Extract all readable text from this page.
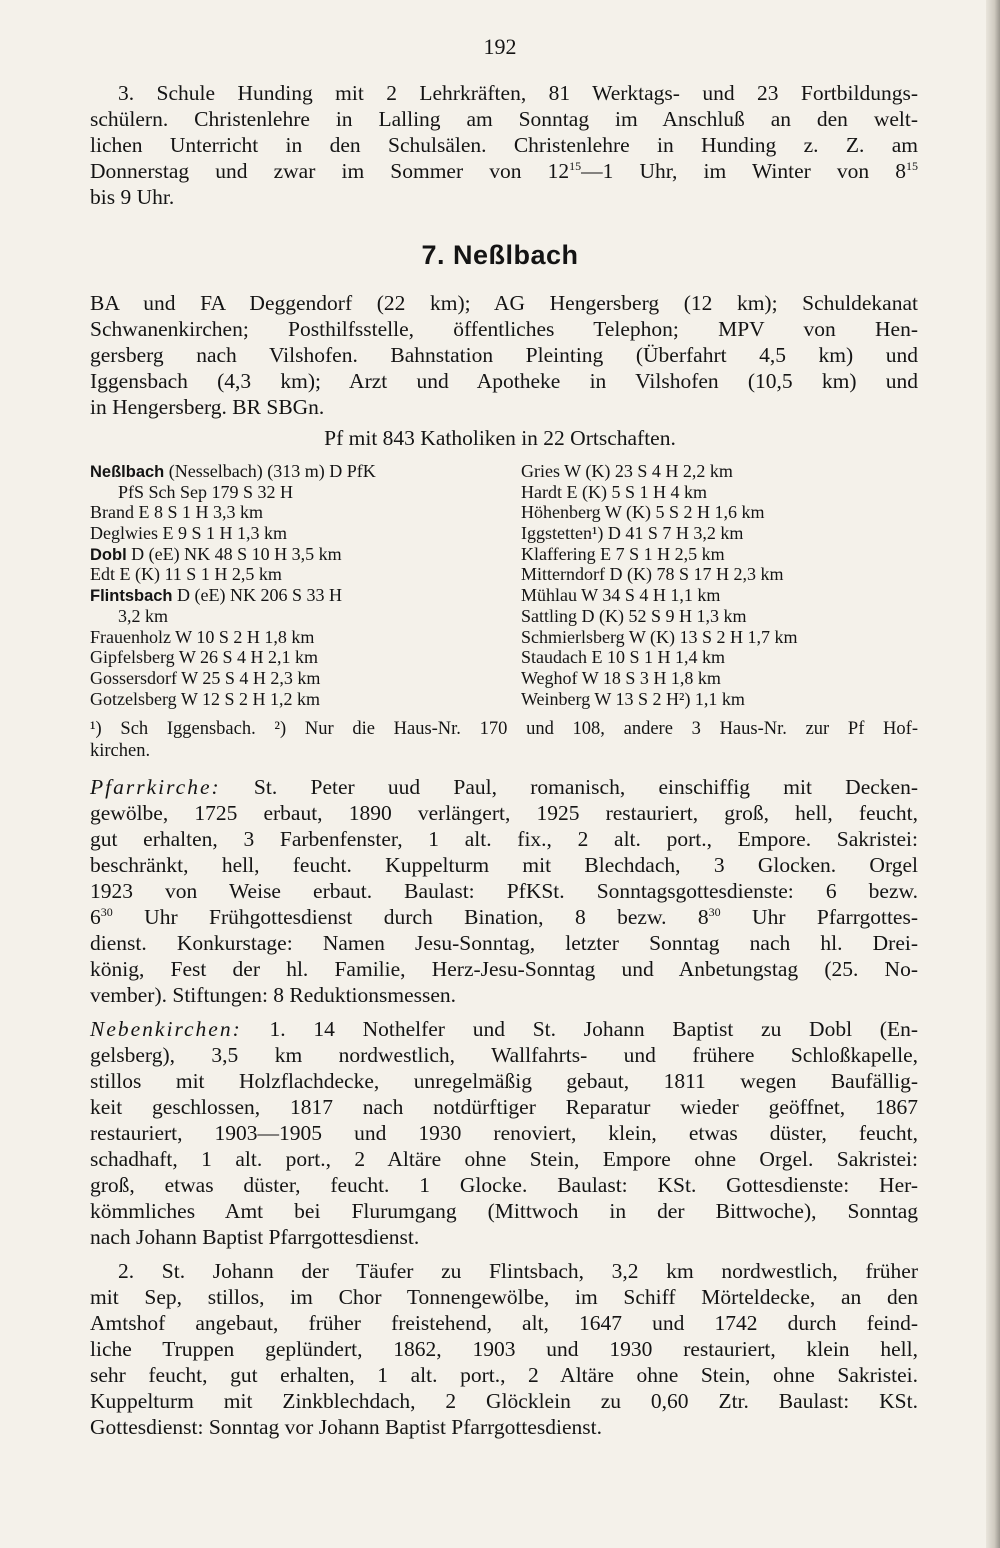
192
3. Schule Hunding mit 2 Lehrkräften, 81 Werktags- und 23 Fortbildungs-
schülern. Christenlehre in Lalling am Sonntag im Anschluß an den welt-
lichen Unterricht in den Schulsälen. Christenlehre in Hunding z. Z. am
Donnerstag und zwar im Sommer von $12^{15}—1$ Uhr, im Winter von $8^{15}$
bis 9 Uhr.
7. Neßlbach
BA und FA Deggendorf (22 km); AG Hengersberg (12 km); Schuldekanat
Schwanenkirchen; Posthilfsstelle, öffentliches Telephon; MPV von Hen-
gersberg nach Vilshofen. Bahnstation Pleinting (Überfahrt 4,5 km) und
Iggensbach (4,3 km); Arzt und Apotheke in Vilshofen (10,5 km) und
in Hengersberg. BR SBGn.
Pf mit 843 Katholiken in 22 Ortschaften.
Neßlbach (Nesselbach) (313 m) D PfK
PfS Sch Sep 179 S 32 H
Brand E 8 S 1 H 3,3 km
Deglwies E 9 S 1 H 1,3 km
Dobl D (eE) NK 48 S 10 H 3,5 km
Edt E (K) 11 S 1 H 2,5 km
Flintsbach D (eE) NK 206 S 33 H
3,2 km
Frauenholz W 10 S 2 H 1,8 km
Gipfelsberg W 26 S 4 H 2,1 km
Gossersdorf W 25 S 4 H 2,3 km
Gotzelsberg W 12 S 2 H 1,2 km
Gries W (K) 23 S 4 H 2,2 km
Hardt E (K) 5 S 1 H 4 km
Höhenberg W (K) 5 S 2 H 1,6 km
Iggstetten¹) D 41 S 7 H 3,2 km
Klaffering E 7 S 1 H 2,5 km
Mitterndorf D (K) 78 S 17 H 2,3 km
Mühlau W 34 S 4 H 1,1 km
Sattling D (K) 52 S 9 H 1,3 km
Schmierlsberg W (K) 13 S 2 H 1,7 km
Staudach E 10 S 1 H 1,4 km
Weghof W 18 S 3 H 1,8 km
Weinberg W 13 S 2 H²) 1,1 km
¹) Sch Iggensbach. ²) Nur die Haus-Nr. 170 und 108, andere 3 Haus-Nr. zur Pf Hof-
kirchen.
Pfarrkirche: St. Peter uud Paul, romanisch, einschiffig mit Decken-
gewölbe, 1725 erbaut, 1890 verlängert, 1925 restauriert, groß, hell, feucht,
gut erhalten, 3 Farbenfenster, 1 alt. fix., 2 alt. port., Empore. Sakristei:
beschränkt, hell, feucht. Kuppelturm mit Blechdach, 3 Glocken. Orgel
1923 von Weise erbaut. Baulast: PfKSt. Sonntagsgottesdienste: 6 bezw.
$6^{30}$ Uhr Frühgottesdienst durch Bination, 8 bezw. $8^{30}$ Uhr Pfarrgottes-
dienst. Konkurstage: Namen Jesu-Sonntag, letzter Sonntag nach hl. Drei-
könig, Fest der hl. Familie, Herz-Jesu-Sonntag und Anbetungstag (25. No-
vember). Stiftungen: 8 Reduktionsmessen.
Nebenkirchen: 1. 14 Nothelfer und St. Johann Baptist zu Dobl (En-
gelsberg), 3,5 km nordwestlich, Wallfahrts- und frühere Schloßkapelle,
stillos mit Holzflachdecke, unregelmäßig gebaut, 1811 wegen Baufällig-
keit geschlossen, 1817 nach notdürftiger Reparatur wieder geöffnet, 1867
restauriert, 1903—1905 und 1930 renoviert, klein, etwas düster, feucht,
schadhaft, 1 alt. port., 2 Altäre ohne Stein, Empore ohne Orgel. Sakristei:
groß, etwas düster, feucht. 1 Glocke. Baulast: KSt. Gottesdienste: Her-
kömmliches Amt bei Flurumgang (Mittwoch in der Bittwoche), Sonntag
nach Johann Baptist Pfarrgottesdienst.
2. St. Johann der Täufer zu Flintsbach, 3,2 km nordwestlich, früher
mit Sep, stillos, im Chor Tonnengewölbe, im Schiff Mörteldecke, an den
Amtshof angebaut, früher freistehend, alt, 1647 und 1742 durch feind-
liche Truppen geplündert, 1862, 1903 und 1930 restauriert, klein hell,
sehr feucht, gut erhalten, 1 alt. port., 2 Altäre ohne Stein, ohne Sakristei.
Kuppelturm mit Zinkblechdach, 2 Glöcklein zu 0,60 Ztr. Baulast: KSt.
Gottesdienst: Sonntag vor Johann Baptist Pfarrgottesdienst.
